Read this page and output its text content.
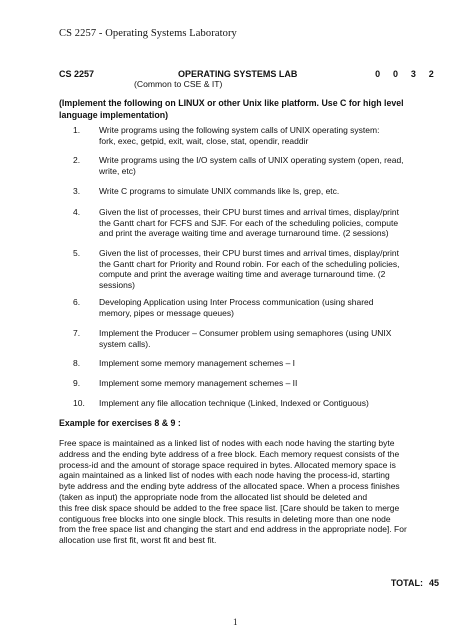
CS 2257 - Operating Systems Laboratory
CS 2257	OPERATING SYSTEMS LAB	0 0 3 2
(Common to CSE & IT)
(Implement the following on LINUX or other Unix like platform. Use C for high level
language implementation)
1.	Write programs using the following system calls of UNIX operating system:
fork, exec, getpid, exit, wait, close, stat, opendir, readdir
2.	Write programs using the I/O system calls of UNIX operating system (open, read,
write, etc)
3.	Write C programs to simulate UNIX commands like ls, grep, etc.
4.	Given the list of processes, their CPU burst times and arrival times, display/print
the Gantt chart for FCFS and SJF. For each of the scheduling policies, compute
and print the average waiting time and average turnaround time. (2 sessions)
5.	Given the list of processes, their CPU burst times and arrival times, display/print
the Gantt chart for Priority and Round robin. For each of the scheduling policies,
compute and print the average waiting time and average turnaround time. (2
sessions)
6.	Developing Application using Inter Process communication (using shared
memory, pipes or message queues)
7.	Implement the Producer – Consumer problem using semaphores (using UNIX
system calls).
8.	Implement some memory management schemes – I
9.	Implement some memory management schemes – II
10. Implement any file allocation technique (Linked, Indexed or Contiguous)
Example for exercises 8 & 9 :
Free space is maintained as a linked list of nodes with each node having the starting byte
address and the ending byte address of a free block. Each memory request consists of the
process-id and the amount of storage space required in bytes. Allocated memory space is
again maintained as a linked list of nodes with each node having the process-id, starting
byte address and the ending byte address of the allocated space. When a process finishes
(taken as input) the appropriate node from the allocated list should be deleted and
this free disk space should be added to the free space list. [Care should be taken to merge
contiguous free blocks into one single block. This results in deleting more than one node
from the free space list and changing the start and end address in the appropriate node]. For
allocation use first fit, worst fit and best fit.
TOTAL: 45
1
